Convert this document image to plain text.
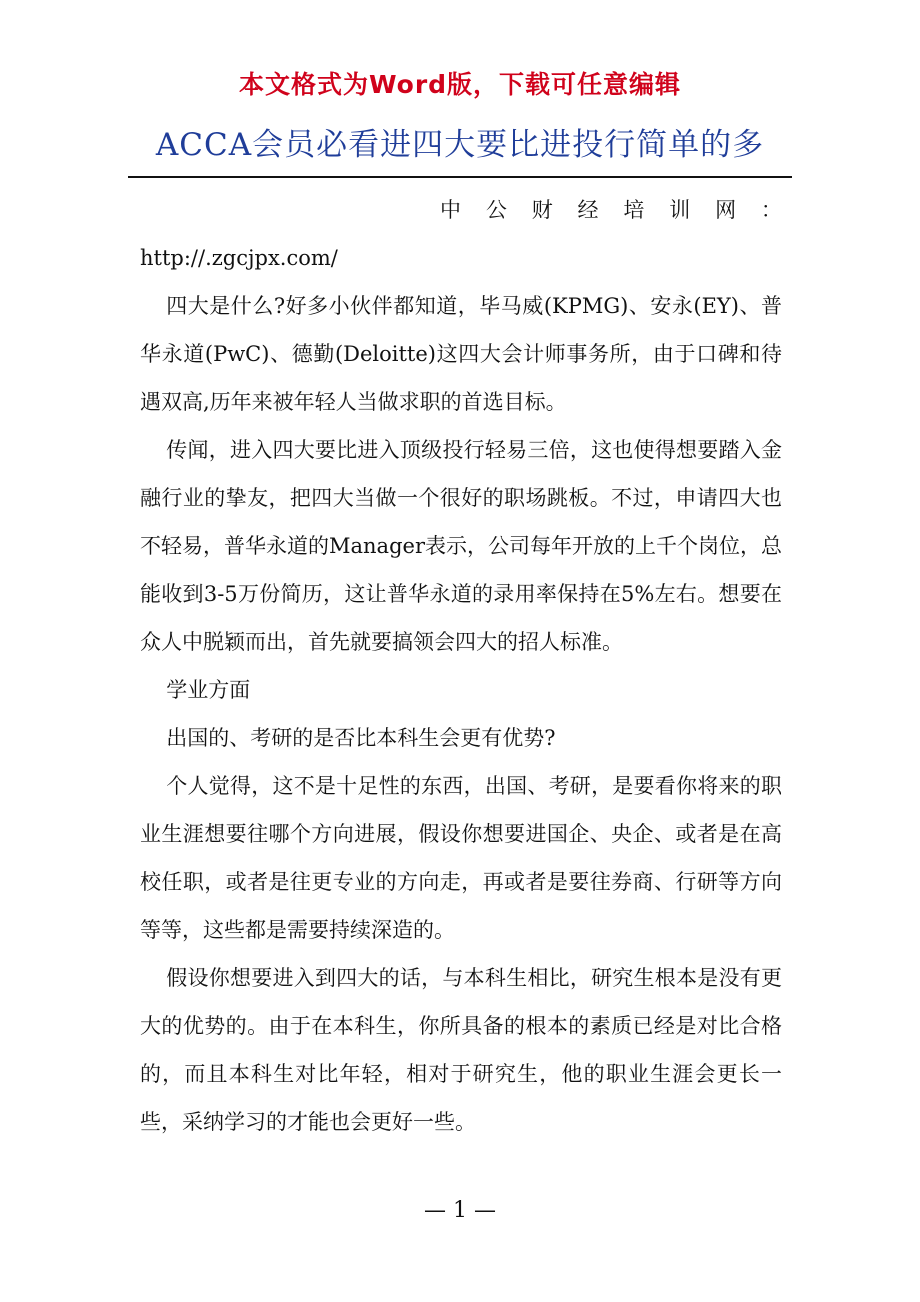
本文格式为Word版，下载可任意编辑
ACCA会员必看进四大要比进投行简单的多
中 公 财 经 培 训 网 ：
http://.zgcjpx.com/

四大是什么?好多小伙伴都知道，毕马威(KPMG)、安永(EY)、普华永道(PwC)、德勤(Deloitte)这四大会计师事务所，由于口碑和待遇双高,历年来被年轻人当做求职的首选目标。

传闻，进入四大要比进入顶级投行轻易三倍，这也使得想要踏入金融行业的挚友，把四大当做一个很好的职场跳板。不过，申请四大也不轻易，普华永道的Manager表示，公司每年开放的上千个岗位，总能收到3-5万份简历，这让普华永道的录用率保持在5%左右。想要在众人中脱颖而出，首先就要搞领会四大的招人标准。

学业方面

出国的、考研的是否比本科生会更有优势?

个人觉得，这不是十足性的东西，出国、考研，是要看你将来的职业生涯想要往哪个方向进展，假设你想要进国企、央企、或者是在高校任职，或者是往更专业的方向走，再或者是要往券商、行研等方向等等，这些都是需要持续深造的。

假设你想要进入到四大的话，与本科生相比，研究生根本是没有更大的优势的。由于在本科生，你所具备的根本的素质已经是对比合格的，而且本科生对比年轻，相对于研究生，他的职业生涯会更长一些，采纳学习的才能也会更好一些。

— 1 —
